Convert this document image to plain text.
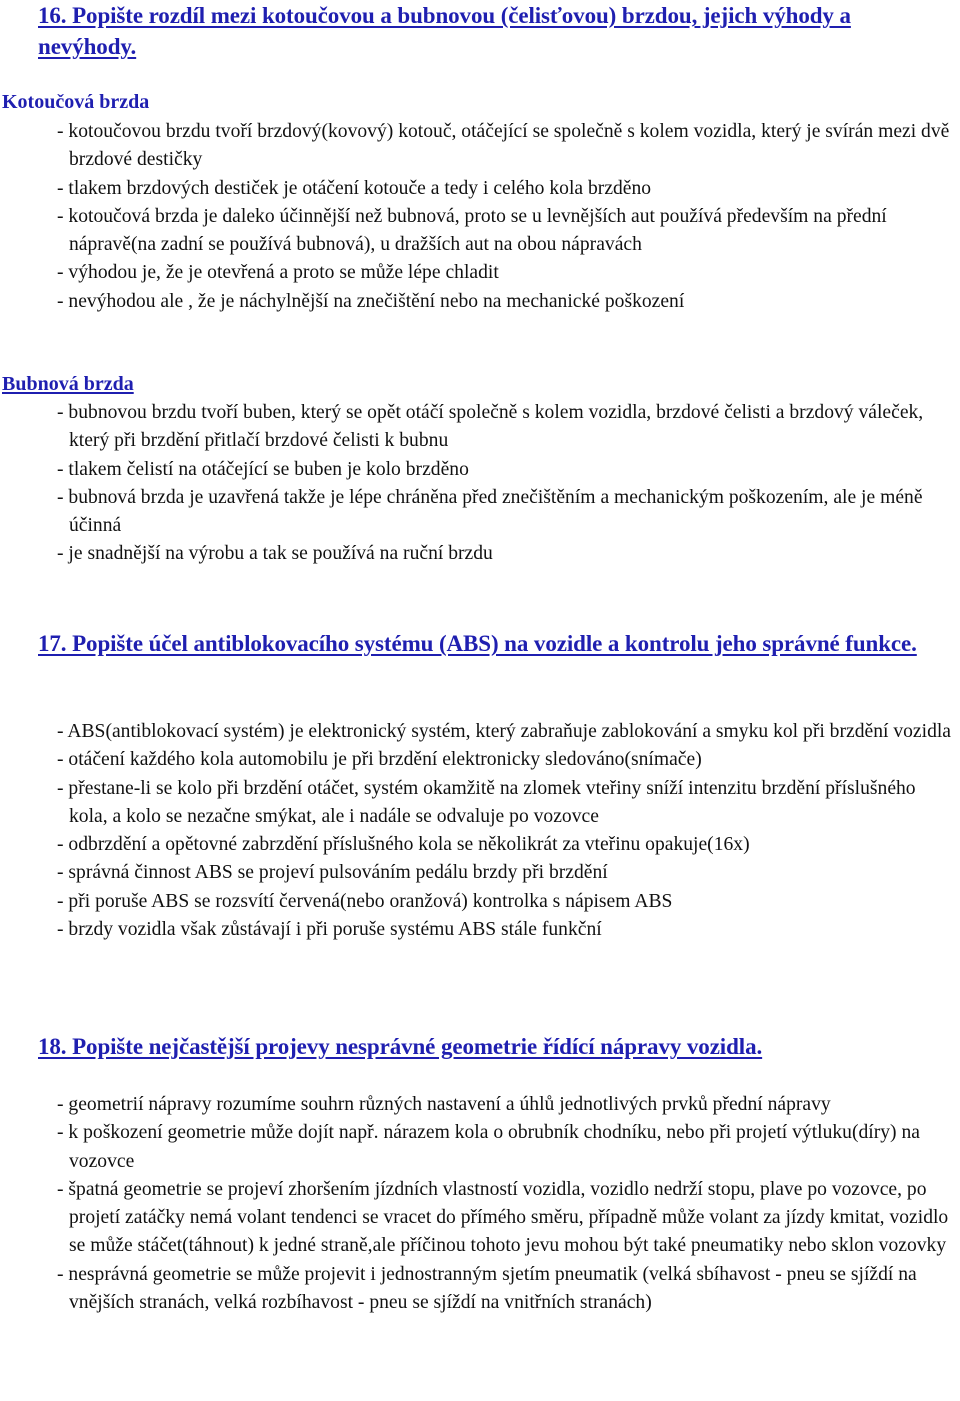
16. Popište rozdíl mezi kotoučovou a bubnovou (čelisťovou) brzdou, jejich výhody a nevýhody.
Kotoučová brzda
- kotoučovou brzdu tvoří brzdový(kovový) kotouč, otáčející se společně s kolem vozidla, který je svírán mezi dvě brzdové destičky
- tlakem brzdových destiček je otáčení kotouče a tedy i celého kola brzděno
- kotoučová brzda je daleko účinnější než bubnová, proto se u levnějších aut používá především na přední nápravě(na zadní se používá bubnová), u dražších aut na obou nápravách
- výhodou je, že je otevřená a proto se může lépe chladit
- nevýhodou ale , že je náchylnější na znečištění nebo na mechanické poškození
Bubnová brzda
- bubnovou brzdu tvoří buben, který se opět otáčí společně s kolem vozidla, brzdové čelisti a brzdový váleček, který při brzdění přitlačí brzdové čelisti k bubnu
- tlakem čelistí na otáčející se buben je kolo brzděno
- bubnová brzda je uzavřená takže je lépe chráněna před znečištěním a mechanickým poškozením, ale je méně účinná
- je snadnější na výrobu a tak se používá na ruční brzdu
17. Popište účel antiblokovacího systému (ABS) na vozidle a kontrolu jeho správné funkce.
- ABS(antiblokovací systém) je elektronický systém, který zabraňuje zablokování a smyku kol při brzdění vozidla
- otáčení každého kola automobilu je při brzdění elektronicky sledováno(snímače)
- přestane-li se kolo při brzdění otáčet, systém okamžitě na zlomek vteřiny sníží intenzitu brzdění příslušného kola, a kolo se nezačne smýkat, ale i nadále se odvaluje po vozovce
- odbrzdění a opětovné zabrzdění příslušného kola se několikrát za vteřinu opakuje(16x)
- správná činnost ABS se projeví pulsováním pedálu brzdy při brzdění
- při poruše ABS se rozsvítí červená(nebo oranžová) kontrolka s nápisem ABS
- brzdy vozidla však zůstávají i při poruše systému ABS stále funkční
18. Popište nejčastější projevy nesprávné geometrie řídící nápravy vozidla.
- geometrií nápravy rozumíme souhrn různých nastavení a úhlů jednotlivých prvků přední nápravy
- k poškození geometrie může dojít např. nárazem kola o obrubník chodníku, nebo při projetí výtluku(díry) na vozovce
- špatná geometrie se projeví zhoršením jízdních vlastností vozidla, vozidlo nedrží stopu, plave po vozovce, po projetí zatáčky nemá volant tendenci se vracet do přímého směru, případně může volant za jízdy kmitat, vozidlo se může stáčet(táhnout) k jedné straně,ale příčinou tohoto jevu mohou být také pneumatiky nebo sklon vozovky
- nesprávná geometrie se může projevit i jednostranným sjetím pneumatik (velká sbíhavost - pneu se sjíždí na vnějších stranách, velká rozbíhavost - pneu se sjíždí na vnitřních stranách)
